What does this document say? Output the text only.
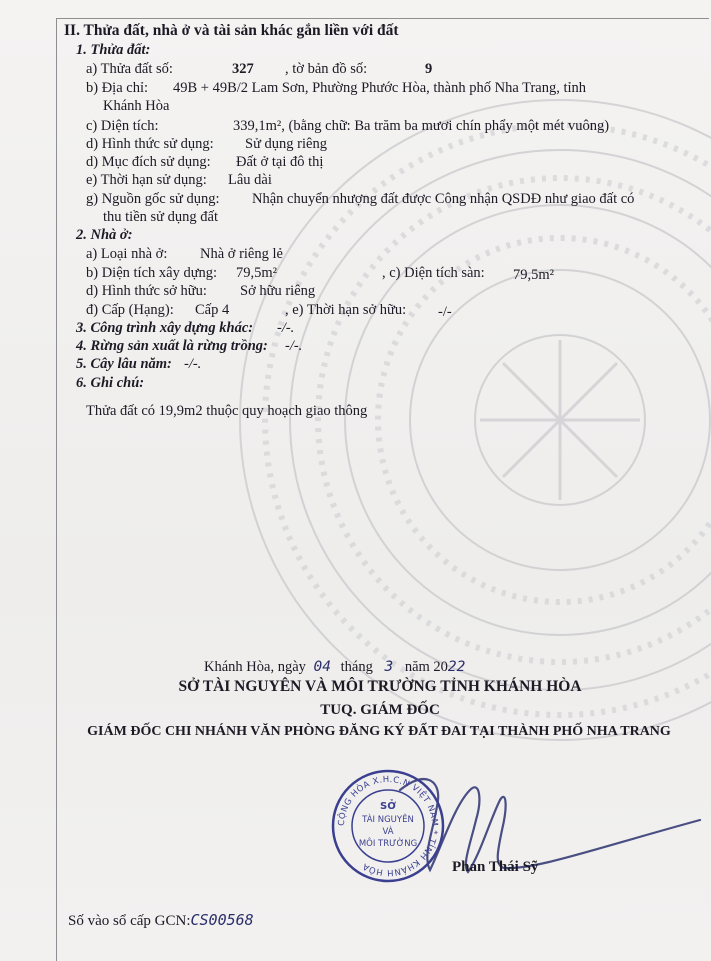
II. Thửa đất, nhà ở và tài sản khác gắn liền với đất
1. Thửa đất:
a) Thửa đất số:	327 , tờ bản đồ số:	9
b) Địa chỉ: 49B + 49B/2 Lam Sơn, Phường Phước Hòa, thành phố Nha Trang, tỉnh
Khánh Hòa
c) Diện tích:	339,1m², (bằng chữ: Ba trăm ba mươi chín phẩy một mét vuông)
d) Hình thức sử dụng: Sử dụng riêng
d) Mục đích sử dụng: Đất ở tại đô thị
e) Thời hạn sử dụng: Lâu dài
g) Nguồn gốc sử dụng: Nhận chuyển nhượng đất được Công nhận QSDĐ như giao đất có
thu tiền sử dụng đất
2. Nhà ở:
a) Loại nhà ở: Nhà ở riêng lẻ
b) Diện tích xây dựng: 79,5m²	, c) Diện tích sàn: 79,5m²
d) Hình thức sở hữu: Sở hữu riêng
đ) Cấp (Hạng): Cấp 4	, e) Thời hạn sở hữu: -/-
3. Công trình xây dựng khác: -/-.
4. Rừng sản xuất là rừng trồng: -/-.
5. Cây lâu năm: -/-.
6. Ghi chú:
Thửa đất có 19,9m2 thuộc quy hoạch giao thông
Khánh Hòa, ngày 04 tháng 3 năm 2022
SỞ TÀI NGUYÊN VÀ MÔI TRƯỜNG TỈNH KHÁNH HÒA
TUQ. GIÁM ĐỐC
GIÁM ĐỐC CHI NHÁNH VĂN PHÒNG ĐĂNG KÝ ĐẤT ĐAI TẠI THÀNH PHỐ NHA TRANG
CỘNG HÒA X.H.C.N VIỆT NAM * TỈNH KHÁNH HÒA
SỞ
TÀI NGUYÊN
VÀ
MÔI TRƯỜNG
Phan Thái Sỹ
Số vào sổ cấp GCN:CS00568
